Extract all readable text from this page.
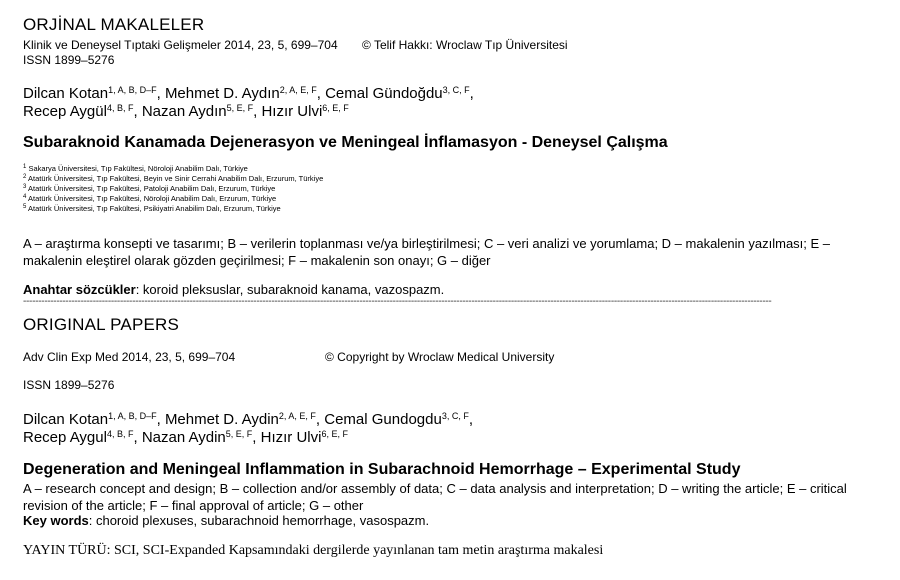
ORJİNAL MAKALELER
Klinik ve Deneysel Tıptaki Gelişmeler 2014, 23, 5, 699–704 © Telif Hakkı: Wroclaw Tıp Üniversitesi
ISSN 1899–5276
Dilcan Kotan$^{1, A, B, D-F}$, Mehmet D. Aydın$^{2, A, E, F}$, Cemal Gündoğdu$^{3, C, F}$,
Recep Aygül$^{4, B, F}$, Nazan Aydın$^{5, E, F}$, Hızır Ulvi$^{6, E, F}$
Subaraknoid Kanamada Dejenerasyon ve Meningeal İnflamasyon - Deneysel Çalışma
$^1$ Sakarya Üniversitesi, Tıp Fakültesi, Nöroloji Anabilim Dalı, Türkiye
$^2$ Atatürk Üniversitesi, Tıp Fakültesi, Beyin ve Sinir Cerrahi Anabilim Dalı, Erzurum, Türkiye
$^3$ Atatürk Üniversitesi, Tıp Fakültesi, Patoloji Anabilim Dalı, Erzurum, Türkiye
$^4$ Atatürk Üniversitesi, Tıp Fakültesi, Nöroloji Anabilim Dalı, Erzurum, Türkiye
$^5$ Atatürk Üniversitesi, Tıp Fakültesi, Psikiyatri Anabilim Dalı, Erzurum, Türkiye
A – araştırma konsepti ve tasarımı; B – verilerin toplanması ve/ya birleştirilmesi; C – veri analizi ve yorumlama; D – makalenin yazılması; E – makalenin eleştirel olarak gözden geçirilmesi; F – makalenin son onayı; G – diğer
Anahtar sözcükler: koroid pleksuslar, subaraknoid kanama, vazospazm.
-------------------------------------------------------------------------------------------------------------------------------------------------------------------------------------------------------------------------------------------------------
ORIGINAL PAPERS
Adv Clin Exp Med 2014, 23, 5, 699–704	© Copyright by Wroclaw Medical University
ISSN 1899–5276
Dilcan Kotan$^{1, A, B, D-F}$, Mehmet D. Aydin$^{2, A, E, F}$, Cemal Gundogdu$^{3, C, F}$,
Recep Aygul$^{4, B, F}$, Nazan Aydin$^{5, E, F}$, Hızır Ulvi$^{6, E, F}$
Degeneration and Meningeal Inflammation in Subarachnoid Hemorrhage – Experimental Study
A – research concept and design; B – collection and/or assembly of data; C – data analysis and interpretation; D – writing the article; E – critical revision of the article; F – final approval of article; G – other
Key words: choroid plexuses, subarachnoid hemorrhage, vasospazm.
YAYIN TÜRÜ: SCI, SCI-Expanded Kapsamındaki dergilerde yayınlanan tam metin araştırma makalesi
